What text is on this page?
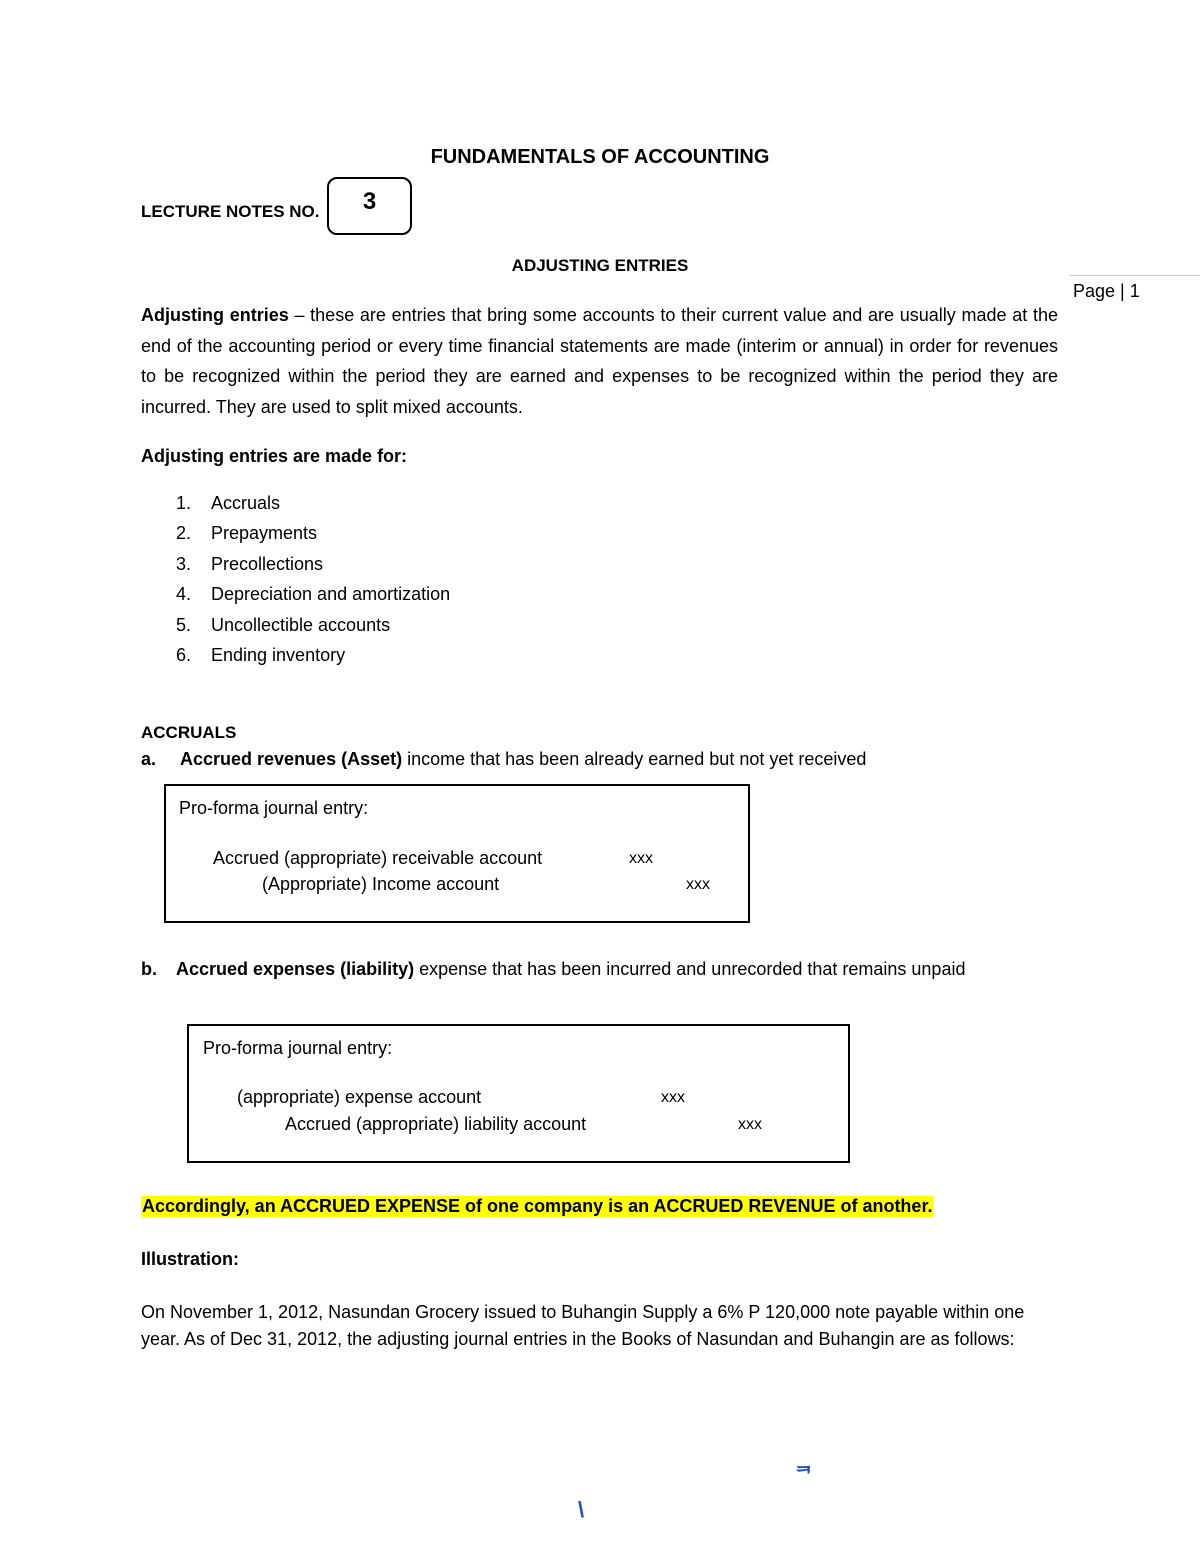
FUNDAMENTALS OF ACCOUNTING
LECTURE NOTES NO. 3
ADJUSTING ENTRIES
Page | 1
Adjusting entries – these are entries that bring some accounts to their current value and are usually made at the end of the accounting period or every time financial statements are made (interim or annual) in order for revenues to be recognized within the period they are earned and expenses to be recognized within the period they are incurred. They are used to split mixed accounts.
Adjusting entries are made for:
1. Accruals
2. Prepayments
3. Precollections
4. Depreciation and amortization
5. Uncollectible accounts
6. Ending inventory
ACCRUALS
a. Accrued revenues (Asset) income that has been already earned but not yet received
Pro-forma journal entry:
Accrued (appropriate) receivable account	xxx
(Appropriate) Income account	xxx
b. Accrued expenses (liability) expense that has been incurred and unrecorded that remains unpaid
Pro-forma journal entry:
(appropriate) expense account	xxx
Accrued (appropriate) liability account	xxx
Accordingly, an ACCRUED EXPENSE of one company is an ACCRUED REVENUE of another.
Illustration:
On November 1, 2012, Nasundan Grocery issued to Buhangin Supply a 6% P 120,000 note payable within one year. As of Dec 31, 2012, the adjusting journal entries in the Books of Nasundan and Buhangin are as follows:
ᆿ
\
